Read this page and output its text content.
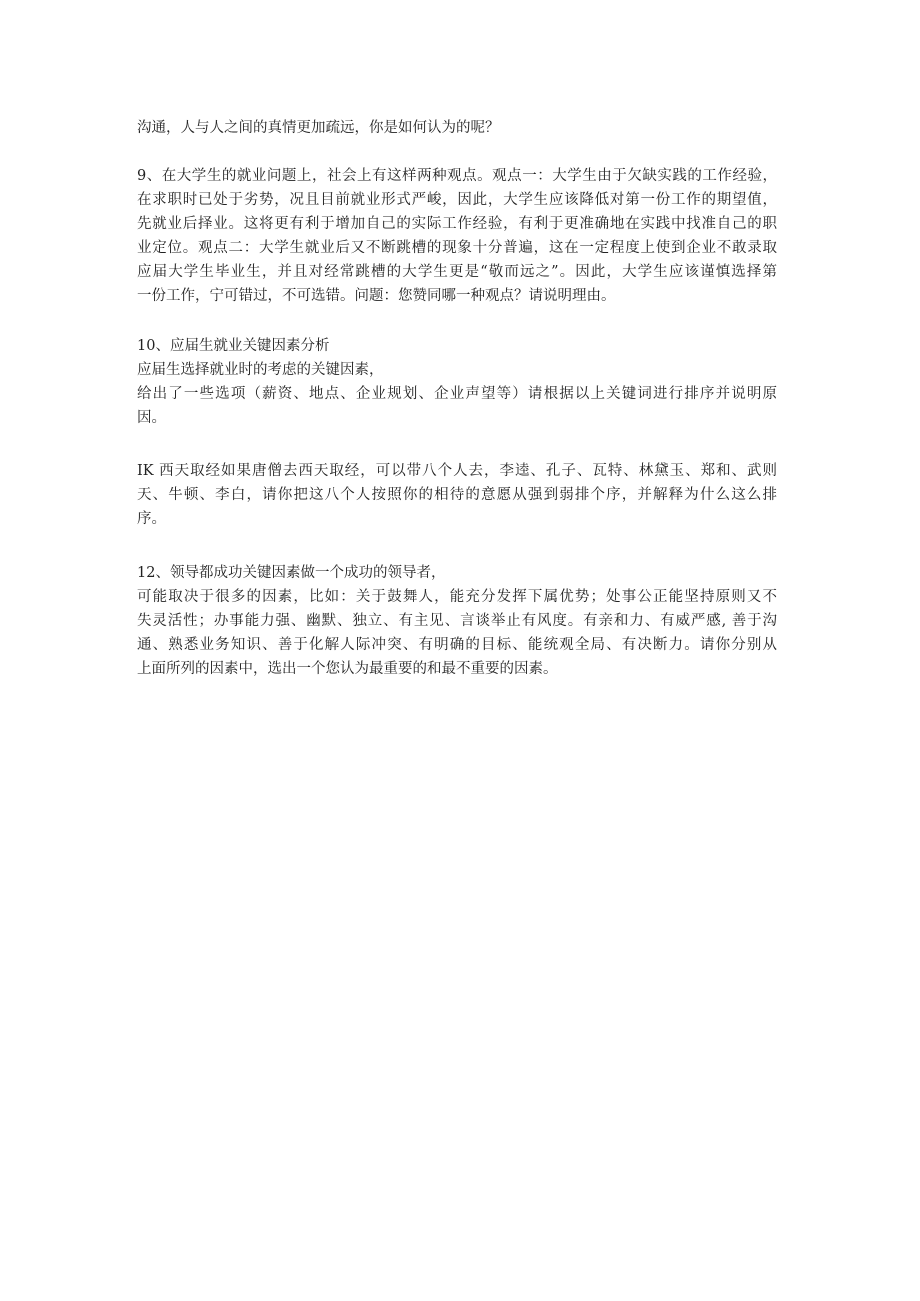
沟通，人与人之间的真情更加疏远，你是如何认为的呢？
9、在大学生的就业问题上，社会上有这样两种观点。观点一：大学生由于欠缺实践的工作经验，
在求职时已处于劣势，况且目前就业形式严峻，因此，大学生应该降低对第一份工作的期望值，
先就业后择业。这将更有利于增加自己的实际工作经验，有利于更准确地在实践中找准自己的职
业定位。观点二：大学生就业后又不断跳槽的现象十分普遍，这在一定程度上使到企业不敢录取
应届大学生毕业生，并且对经常跳槽的大学生更是“敬而远之”。因此，大学生应该谨慎选择第
一份工作，宁可错过，不可选错。问题：您赞同哪一种观点？请说明理由。
10、应届生就业关键因素分析
应届生选择就业时的考虑的关键因素，
给出了一些选项（薪资、地点、企业规划、企业声望等）请根据以上关键词进行排序并说明原
因。
IK 西天取经如果唐僧去西天取经，可以带八个人去，李逵、孔子、瓦特、林黛玉、郑和、武则
天、牛顿、李白，请你把这八个人按照你的相待的意愿从强到弱排个序，并解释为什么这么排
序。
12、领导都成功关键因素做一个成功的领导者，
可能取决于很多的因素，比如：关于鼓舞人，能充分发挥下属优势；处事公正能坚持原则又不
失灵活性；办事能力强、幽默、独立、有主见、言谈举止有风度。有亲和力、有威严感, 善于沟
通、熟悉业务知识、善于化解人际冲突、有明确的目标、能统观全局、有决断力。请你分别从
上面所列的因素中，选出一个您认为最重要的和最不重要的因素。
